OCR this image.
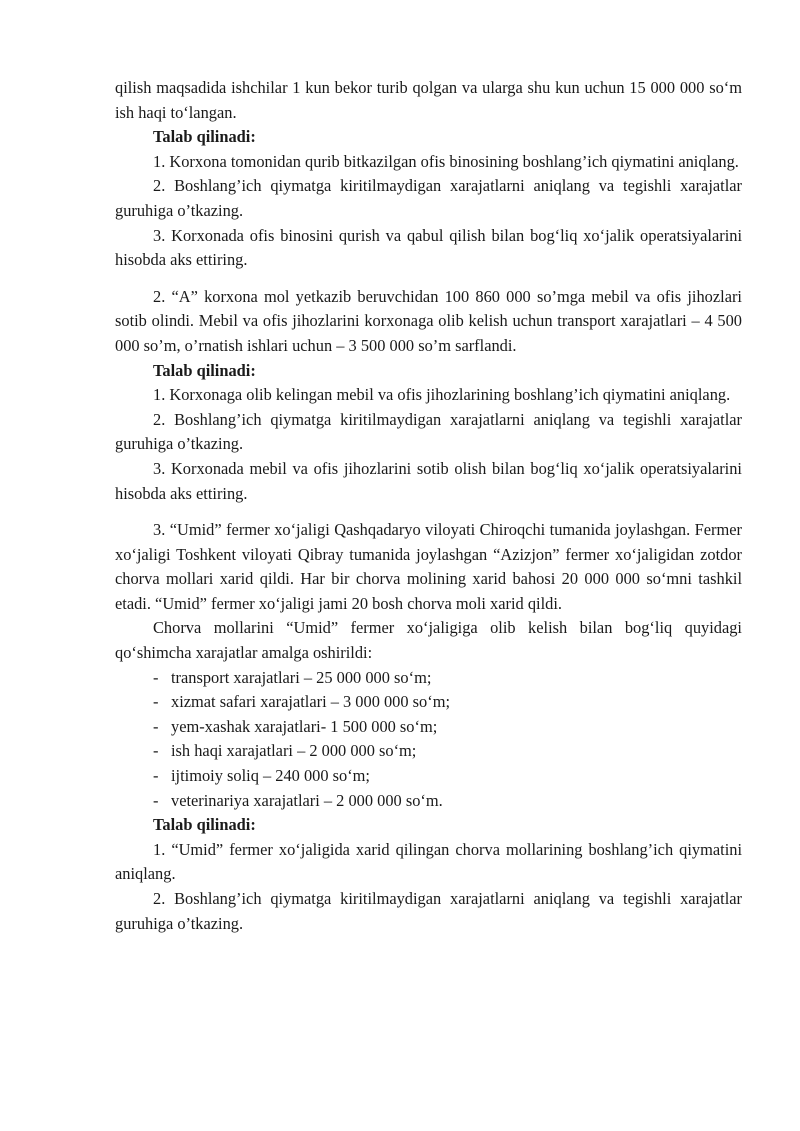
qilish maqsadida ishchilar 1 kun bekor turib qolgan va ularga shu kun uchun 15 000 000 so‘m ish haqi to‘langan.

Talab qilinadi:

1. Korxona tomonidan qurib bitkazilgan ofis binosining boshlang’ich qiymatini aniqlang.

2. Boshlang’ich qiymatga kiritilmaydigan xarajatlarni aniqlang va tegishli xarajatlar guruhiga o’tkazing.

3. Korxonada ofis binosini qurish va qabul qilish bilan bog‘liq xo‘jalik operatsiyalarini hisobda aks ettiring.

2. “A” korxona mol yetkazib beruvchidan 100 860 000 so’mga mebil va ofis jihozlari sotib olindi. Mebil va ofis jihozlarini korxonaga olib kelish uchun transport xarajatlari – 4 500 000 so’m, o’rnatish ishlari uchun – 3 500 000 so’m sarflandi.

Talab qilinadi:

1. Korxonaga olib kelingan mebil va ofis jihozlarining boshlang’ich qiymatini aniqlang.

2. Boshlang’ich qiymatga kiritilmaydigan xarajatlarni aniqlang va tegishli xarajatlar guruhiga o’tkazing.

3. Korxonada mebil va ofis jihozlarini sotib olish bilan bog‘liq xo‘jalik operatsiyalarini hisobda aks ettiring.

3. “Umid” fermer xo‘jaligi Qashqadaryo viloyati Chiroqchi tumanida joylashgan. Fermer xo‘jaligi Toshkent viloyati Qibray tumanida joylashgan “Azizjon” fermer xo‘jaligidan zotdor chorva mollari xarid qildi. Har bir chorva molining xarid bahosi 20 000 000 so‘mni tashkil etadi. “Umid” fermer xo‘jaligi jami 20 bosh chorva moli xarid qildi.

Chorva mollarini “Umid” fermer xo‘jaligiga olib kelish bilan bog‘liq quyidagi qo‘shimcha xarajatlar amalga oshirildi:

- transport xarajatlari – 25 000 000 so‘m;
- xizmat safari xarajatlari – 3 000 000 so‘m;
- yem-xashak xarajatlari- 1 500 000 so‘m;
- ish haqi xarajatlari – 2 000 000 so‘m;
- ijtimoiy soliq – 240 000 so‘m;
- veterinariya xarajatlari – 2 000 000 so‘m.

Talab qilinadi:

1. “Umid” fermer xo‘jaligida xarid qilingan chorva mollarining boshlang’ich qiymatini aniqlang.

2. Boshlang’ich qiymatga kiritilmaydigan xarajatlarni aniqlang va tegishli xarajatlar guruhiga o’tkazing.
